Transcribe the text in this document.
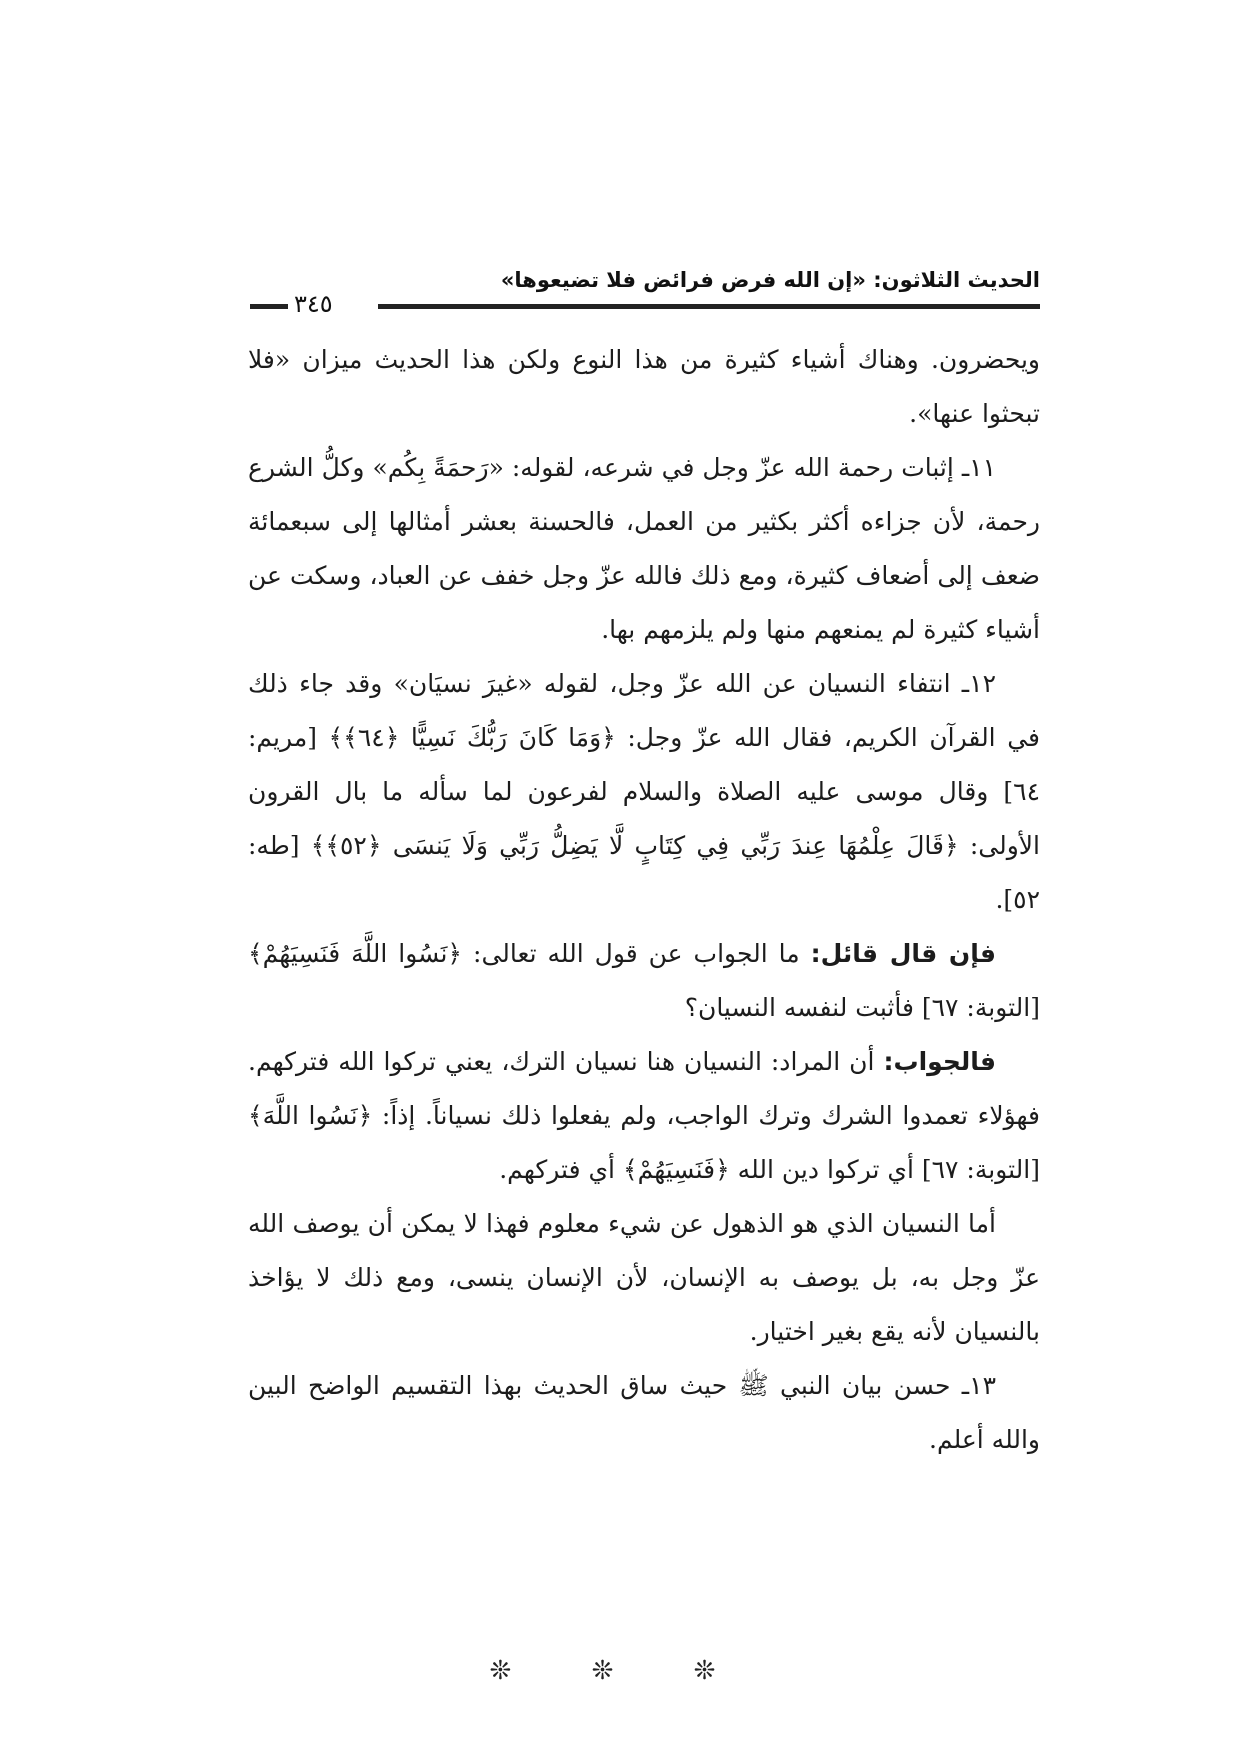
الحديث الثلاثون: «إن الله فرض فرائض فلا تضيعوها»
٣٤٥

ويحضرون. وهناك أشياء كثيرة من هذا النوع ولكن هذا الحديث ميزان «فلا تبحثوا عنها».

١١ـ إثبات رحمة الله عزّ وجل في شرعه، لقوله: «رَحمَةً بِكُم» وكلُّ الشرع رحمة، لأن جزاءه أكثر بكثير من العمل، فالحسنة بعشر أمثالها إلى سبعمائة ضعف إلى أضعاف كثيرة، ومع ذلك فالله عزّ وجل خفف عن العباد، وسكت عن أشياء كثيرة لم يمنعهم منها ولم يلزمهم بها.

١٢ـ انتفاء النسيان عن الله عزّ وجل، لقوله «غيرَ نسيَان» وقد جاء ذلك في القرآن الكريم، فقال الله عزّ وجل: ﴿وَمَا كَانَ رَبُّكَ نَسِيًّا ﴿٦٤﴾﴾ [مريم: ٦٤] وقال موسى عليه الصلاة والسلام لفرعون لما سأله ما بال القرون الأولى: ﴿قَالَ عِلْمُهَا عِندَ رَبِّي فِي كِتَابٍ لَّا يَضِلُّ رَبِّي وَلَا يَنسَى ﴿٥٢﴾﴾ [طه: ٥٢].

فإن قال قائل: ما الجواب عن قول الله تعالى: ﴿نَسُوا اللَّهَ فَنَسِيَهُمْ﴾ [التوبة: ٦٧] فأثبت لنفسه النسيان؟

فالجواب: أن المراد: النسيان هنا نسيان الترك، يعني تركوا الله فتركهم. فهؤلاء تعمدوا الشرك وترك الواجب، ولم يفعلوا ذلك نسياناً. إذاً: ﴿نَسُوا اللَّهَ﴾ [التوبة: ٦٧] أي تركوا دين الله ﴿فَنَسِيَهُمْ﴾ أي فتركهم.

أما النسيان الذي هو الذهول عن شيء معلوم فهذا لا يمكن أن يوصف الله عزّ وجل به، بل يوصف به الإنسان، لأن الإنسان ينسى، ومع ذلك لا يؤاخذ بالنسيان لأنه يقع بغير اختيار.

١٣ـ حسن بيان النبي ﷺ حيث ساق الحديث بهذا التقسيم الواضح البين والله أعلم.

❊ ❊ ❊
